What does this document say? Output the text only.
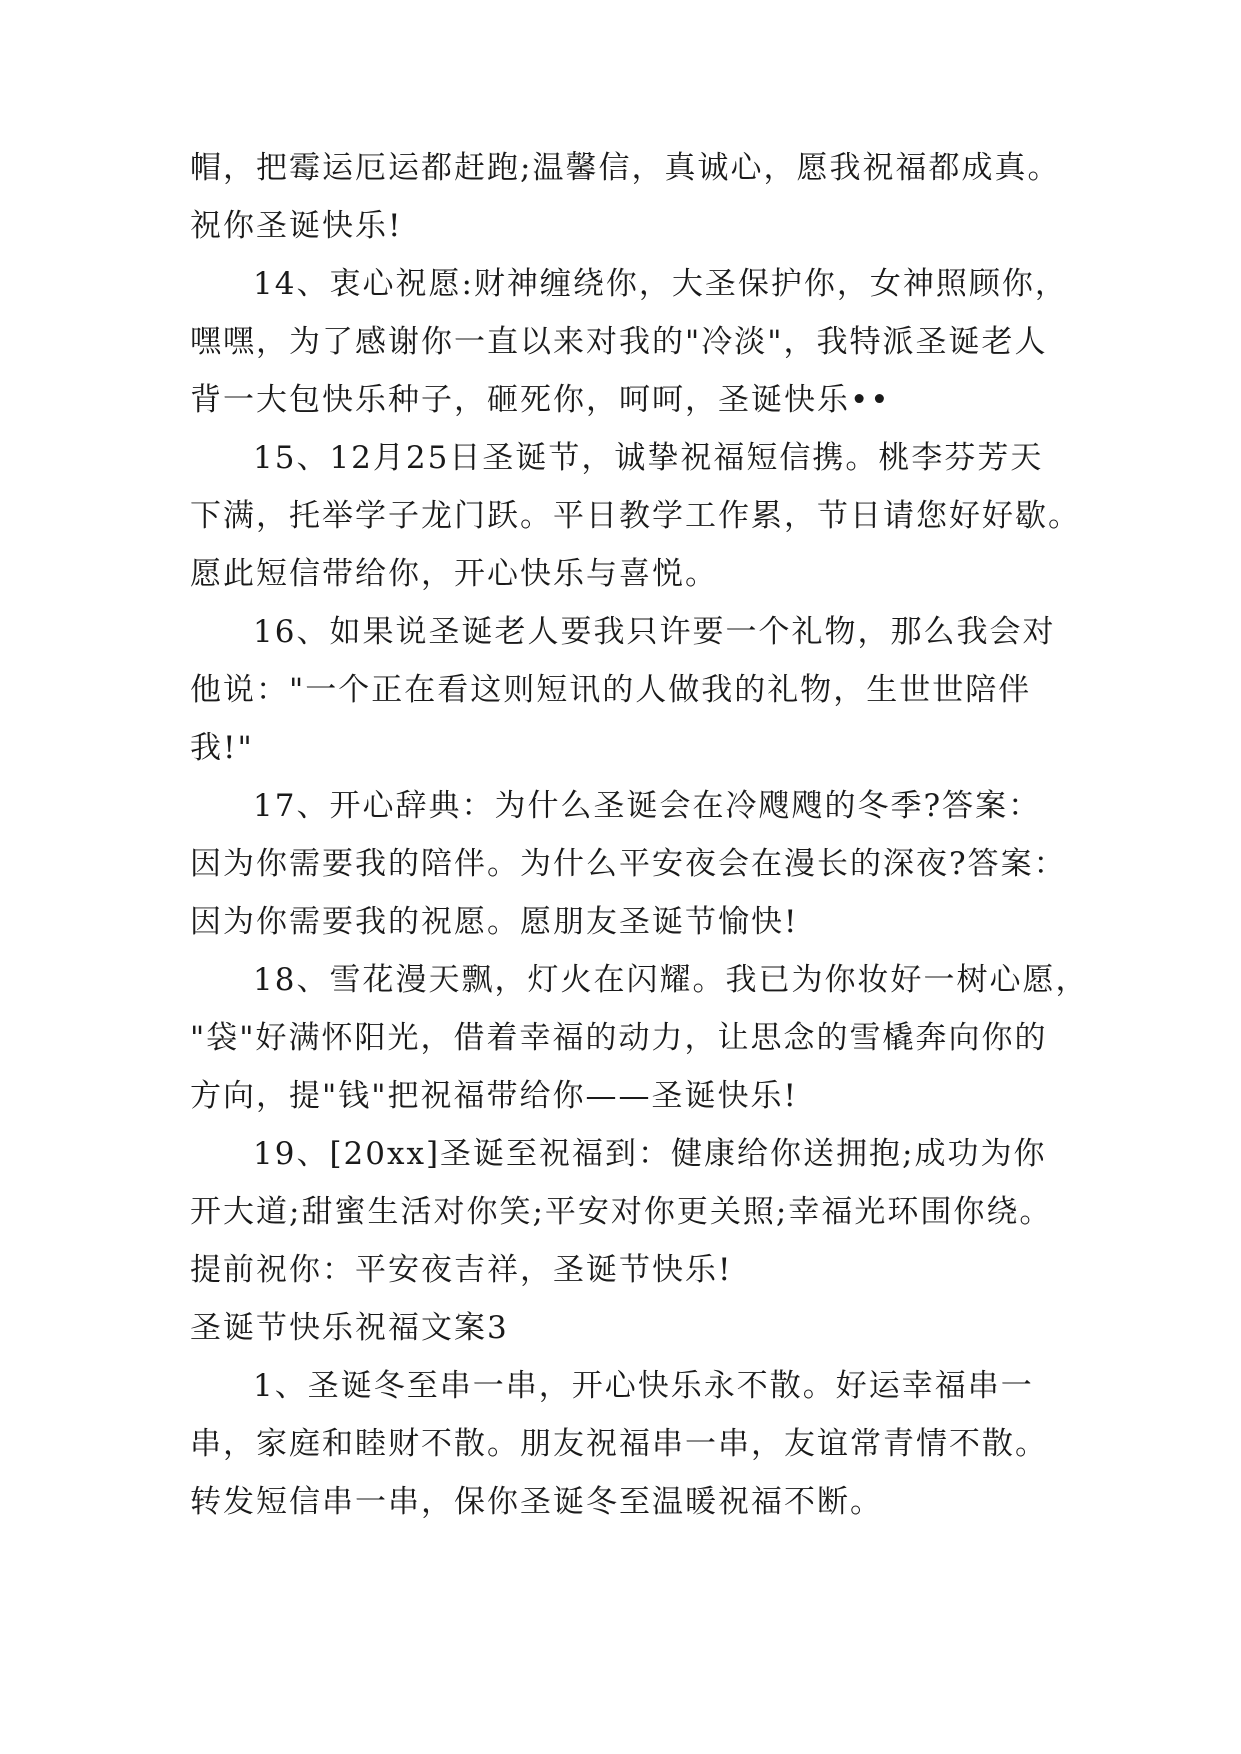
帽，把霉运厄运都赶跑;温馨信，真诚心，愿我祝福都成真。
祝你圣诞快乐!
14、衷心祝愿:财神缠绕你，大圣保护你，女神照顾你，
嘿嘿，为了感谢你一直以来对我的"冷淡"，我特派圣诞老人
背一大包快乐种子，砸死你，呵呵，圣诞快乐••
15、12月25日圣诞节，诚挚祝福短信携。桃李芬芳天
下满，托举学子龙门跃。平日教学工作累，节日请您好好歇。
愿此短信带给你，开心快乐与喜悦。
16、如果说圣诞老人要我只许要一个礼物，那么我会对
他说："一个正在看这则短讯的人做我的礼物，生世世陪伴
我!"
17、开心辞典：为什么圣诞会在冷飕飕的冬季?答案：
因为你需要我的陪伴。为什么平安夜会在漫长的深夜?答案：
因为你需要我的祝愿。愿朋友圣诞节愉快!
18、雪花漫天飘，灯火在闪耀。我已为你妆好一树心愿，
"袋"好满怀阳光，借着幸福的动力，让思念的雪橇奔向你的
方向，提"钱"把祝福带给你——圣诞快乐!
19、[20xx]圣诞至祝福到：健康给你送拥抱;成功为你
开大道;甜蜜生活对你笑;平安对你更关照;幸福光环围你绕。
提前祝你：平安夜吉祥，圣诞节快乐!
圣诞节快乐祝福文案3
1、圣诞冬至串一串，开心快乐永不散。好运幸福串一
串，家庭和睦财不散。朋友祝福串一串，友谊常青情不散。
转发短信串一串，保你圣诞冬至温暖祝福不断。
